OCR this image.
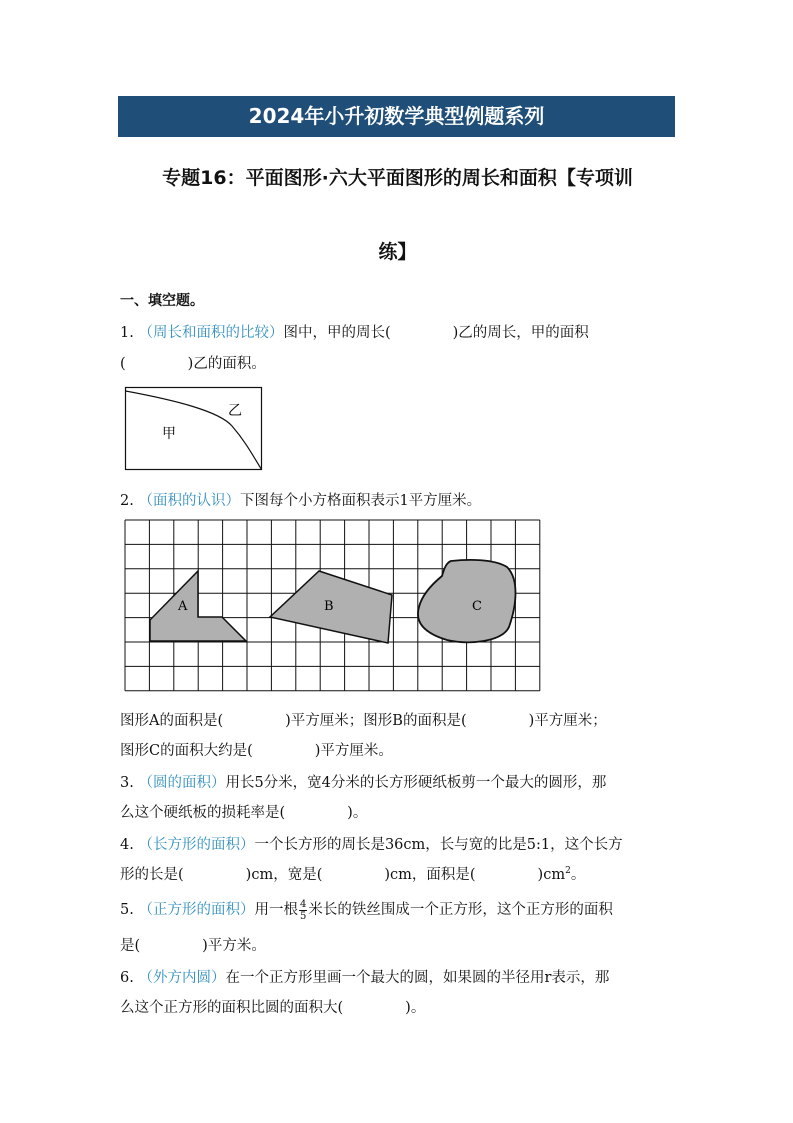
2024年小升初数学典型例题系列
专题16：平面图形·六大平面图形的周长和面积【专项训
练】
一、填空题。
1. （周长和面积的比较）图中，甲的周长(	)乙的周长，甲的面积
(	)乙的面积。
甲
乙
2. （面积的认识）下图每个小方格面积表示1平方厘米。
A	B	C
图形A的面积是(	)平方厘米；图形B的面积是(	)平方厘米；
图形C的面积大约是(	)平方厘米。
3. （圆的面积）用长5分米，宽4分米的长方形硬纸板剪一个最大的圆形，那
么这个硬纸板的损耗率是(	)。
4. （长方形的面积）一个长方形的周长是36cm，长与宽的比是5:1，这个长方
形的长是(	)cm，宽是(	)cm，面积是(	)$cm^2$。
5. （正方形的面积）用一根 $\frac{4}{5}$ 米长的铁丝围成一个正方形，这个正方形的面积
是(	)平方米。
6. （外方内圆）在一个正方形里画一个最大的圆，如果圆的半径用r表示，那
么这个正方形的面积比圆的面积大(	)。
